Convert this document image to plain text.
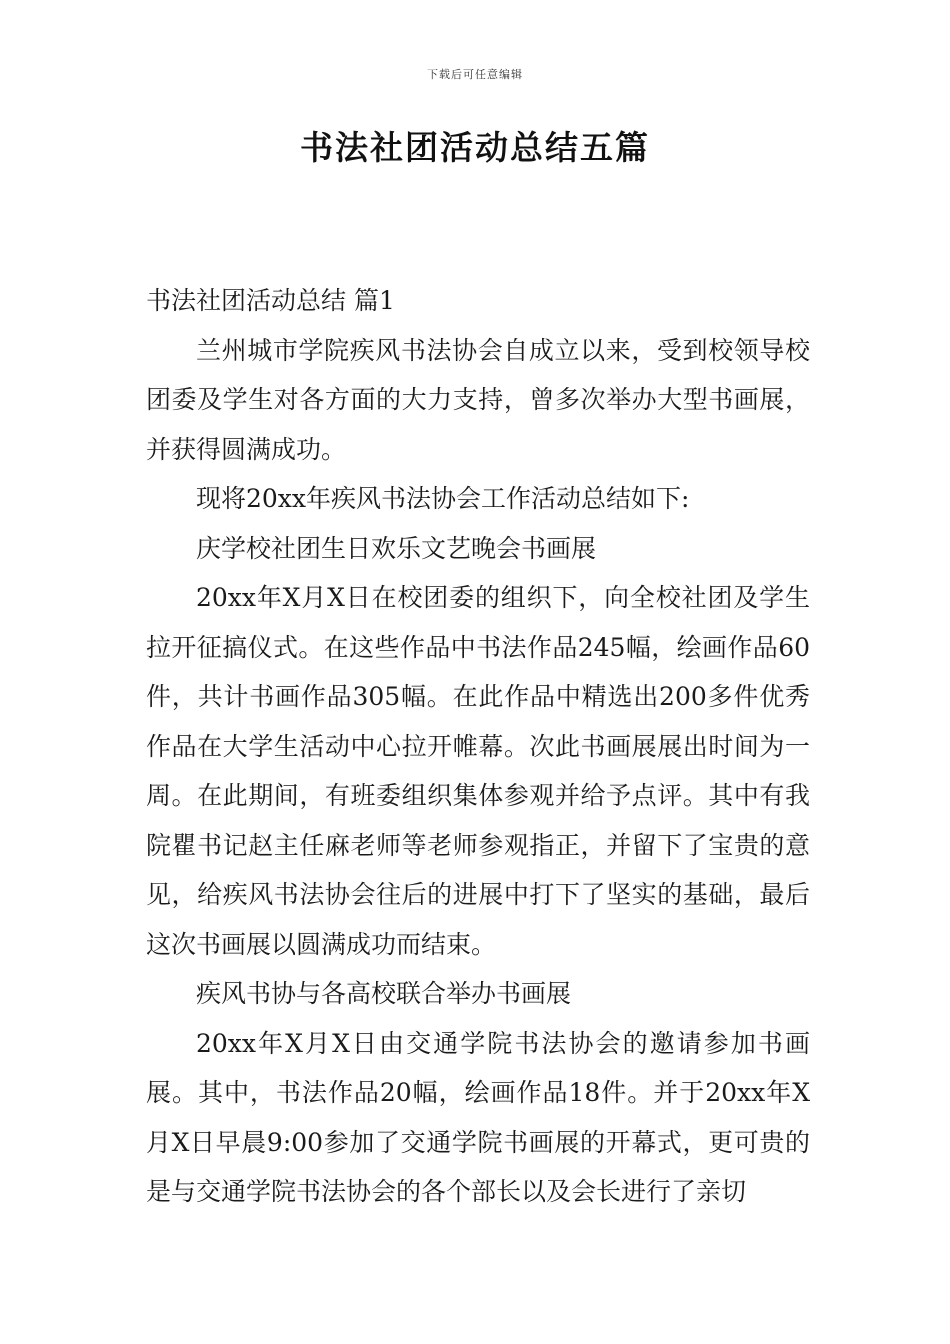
下载后可任意编辑
书法社团活动总结五篇

书法社团活动总结 篇1

兰州城市学院疾风书法协会自成立以来，受到校领导校团委及学生对各方面的大力支持，曾多次举办大型书画展，并获得圆满成功。

现将20xx年疾风书法协会工作活动总结如下:

庆学校社团生日欢乐文艺晚会书画展

20xx年X月X日在校团委的组织下，向全校社团及学生拉开征搞仪式。在这些作品中书法作品245幅，绘画作品60件，共计书画作品305幅。在此作品中精选出200多件优秀作品在大学生活动中心拉开帷幕。次此书画展展出时间为一周。在此期间，有班委组织集体参观并给予点评。其中有我院瞿书记赵主任麻老师等老师参观指正，并留下了宝贵的意见，给疾风书法协会往后的进展中打下了坚实的基础，最后这次书画展以圆满成功而结束。

疾风书协与各高校联合举办书画展

20xx年X月X日由交通学院书法协会的邀请参加书画展。其中，书法作品20幅，绘画作品18件。并于20xx年X月X日早晨9:00参加了交通学院书画展的开幕式，更可贵的是与交通学院书法协会的各个部长以及会长进行了亲切
